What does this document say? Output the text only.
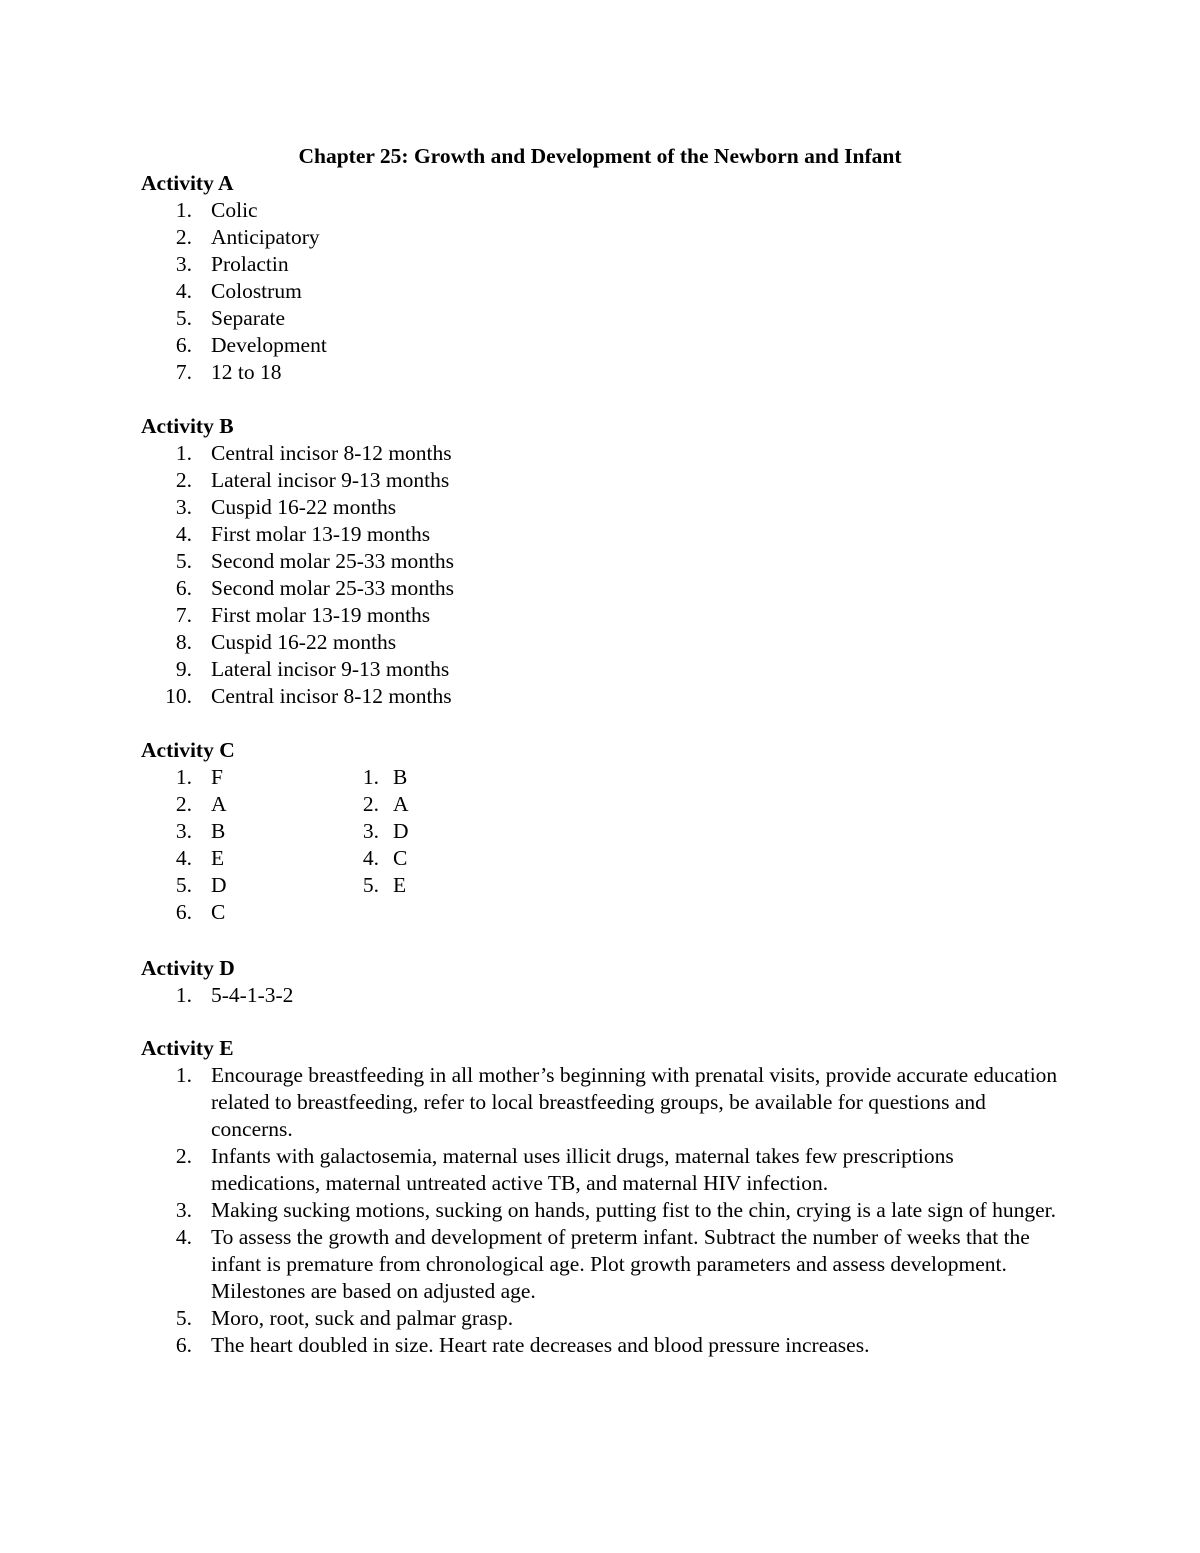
Chapter 25: Growth and Development of the Newborn and Infant
Activity A
1. Colic
2. Anticipatory
3. Prolactin
4. Colostrum
5. Separate
6. Development
7. 12 to 18
Activity B
1. Central incisor 8-12 months
2. Lateral incisor 9-13 months
3. Cuspid 16-22 months
4. First molar 13-19 months
5. Second molar 25-33 months
6. Second molar 25-33 months
7. First molar 13-19 months
8. Cuspid 16-22 months
9. Lateral incisor 9-13 months
10. Central incisor 8-12 months
Activity C
1. F
2. A
3. B
4. E
5. D
6. C
1. B
2. A
3. D
4. C
5. E
Activity D
1. 5-4-1-3-2
Activity E
1. Encourage breastfeeding in all mother’s beginning with prenatal visits, provide accurate education related to breastfeeding, refer to local breastfeeding groups, be available for questions and concerns.
2. Infants with galactosemia, maternal uses illicit drugs, maternal takes few prescriptions medications, maternal untreated active TB, and maternal HIV infection.
3. Making sucking motions, sucking on hands, putting fist to the chin, crying is a late sign of hunger.
4. To assess the growth and development of preterm infant. Subtract the number of weeks that the infant is premature from chronological age. Plot growth parameters and assess development. Milestones are based on adjusted age.
5. Moro, root, suck and palmar grasp.
6. The heart doubled in size. Heart rate decreases and blood pressure increases.
